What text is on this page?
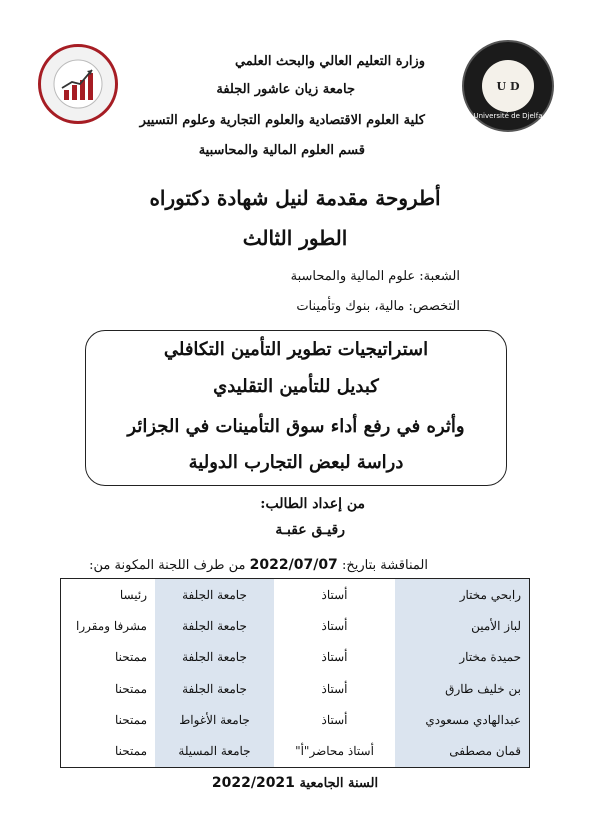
U D
Université de Djelfa
وزارة التعليم العالي والبحث العلمي
جامعة زيان عاشور الجلفة
كلية العلوم الاقتصادية والعلوم التجارية وعلوم التسيير
قسم العلوم المالية والمحاسبية
أطروحة مقدمة لنيل شهادة دكتوراه
الطور الثالث
الشعبة: علوم المالية والمحاسبة
التخصص: مالية، بنوك وتأمينات
استراتيجيات تطوير التأمين التكافلي
كبديل للتأمين التقليدي
وأثره في رفع أداء سوق التأمينات في الجزائر
دراسة لبعض التجارب الدولية
من إعداد الطالب:
رقيـق عقبـة
المناقشة بتاريخ: 2022/07/07 من طرف اللجنة المكونة من:
رابحي مختار	أستاذ	جامعة الجلفة	رئيسا
لباز الأمين	أستاذ	جامعة الجلفة	مشرفا ومقررا
حميدة مختار	أستاذ	جامعة الجلفة	ممتحنا
بن خليف طارق	أستاذ	جامعة الجلفة	ممتحنا
عبدالهادي مسعودي	أستاذ	جامعة الأغواط	ممتحنا
قمان مصطفى	أستاذ محاضر"أ"	جامعة المسيلة	ممتحنا
السنة الجامعية 2022/2021
